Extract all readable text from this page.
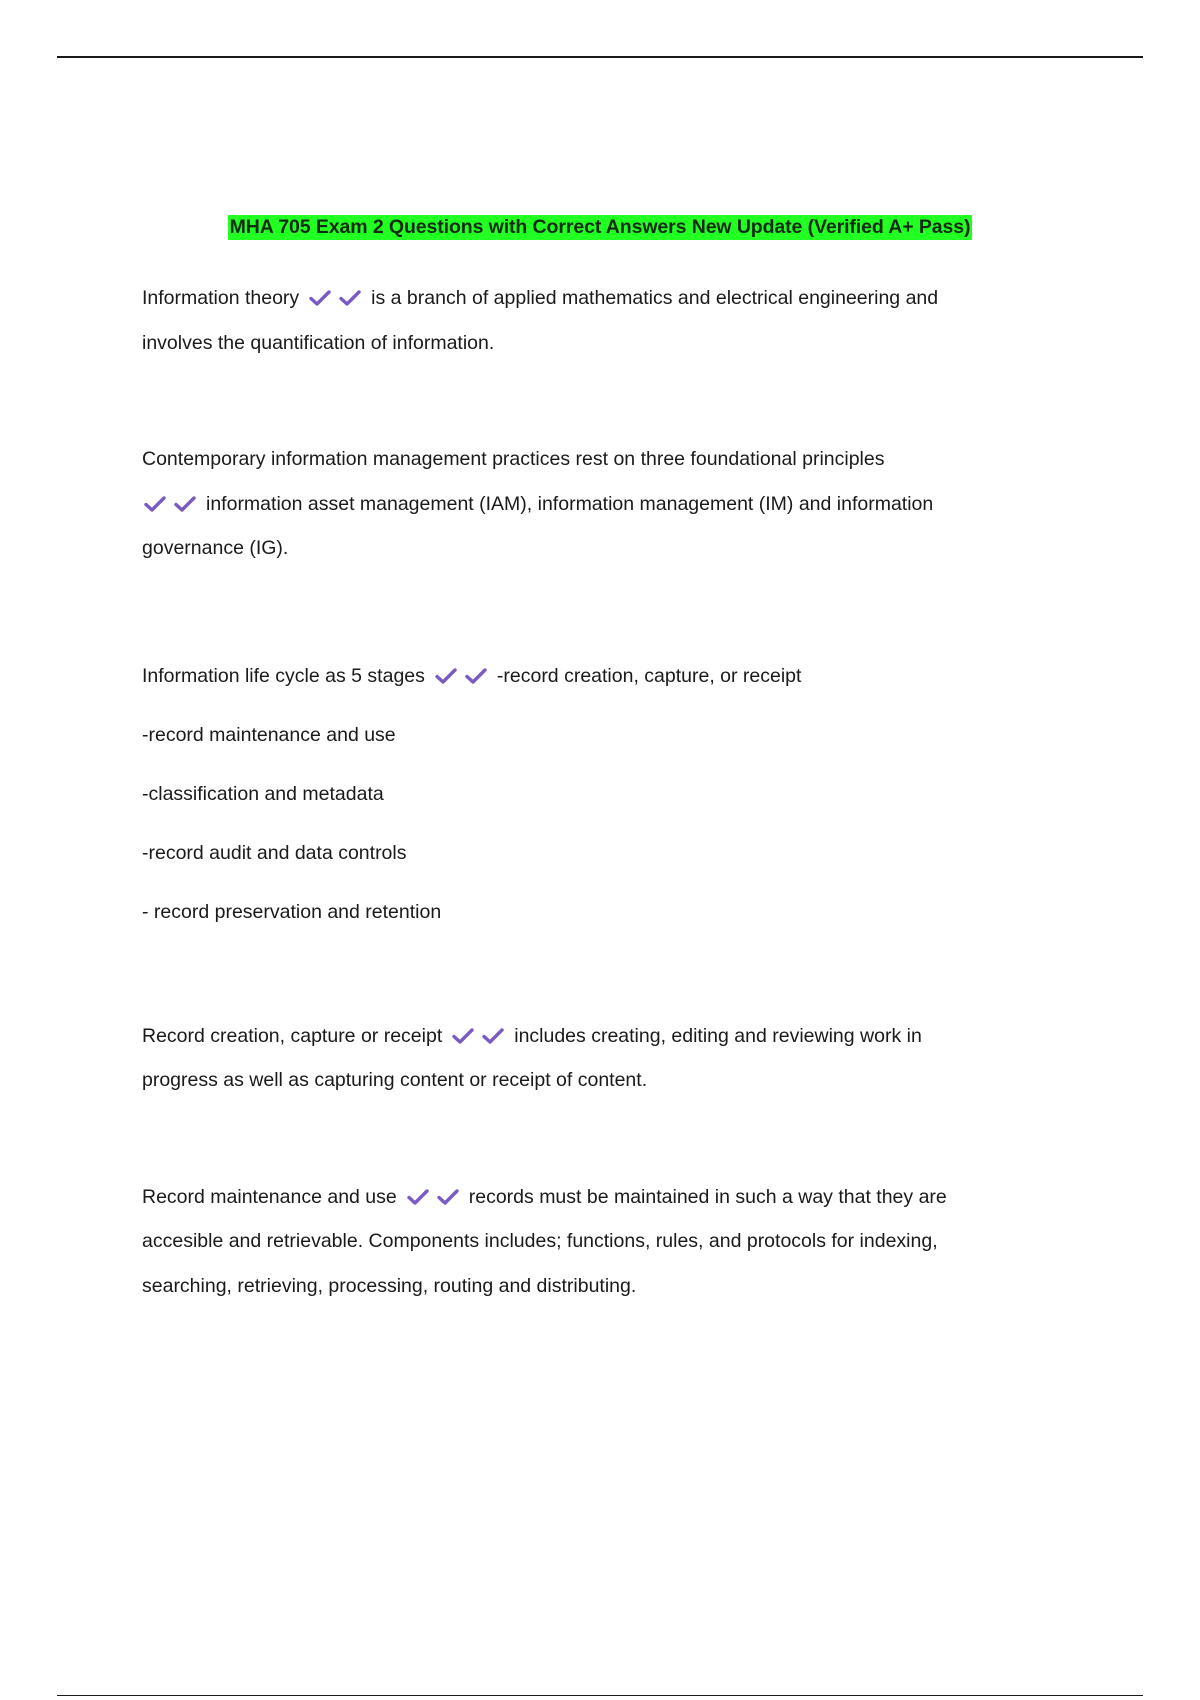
MHA 705 Exam 2 Questions with Correct Answers New Update (Verified A+ Pass)

Information theory	is a branch of applied mathematics and electrical engineering and

involves the quantification of information.

Contemporary information management practices rest on three foundational principles

information asset management (IAM), information management (IM) and information

governance (IG).

Information life cycle as 5 stages	-record creation, capture, or receipt

-record maintenance and use

-classification and metadata

-record audit and data controls

- record preservation and retention

Record creation, capture or receipt	includes creating, editing and reviewing work in

progress as well as capturing content or receipt of content.

Record maintenance and use	records must be maintained in such a way that they are

accesible and retrievable. Components includes; functions, rules, and protocols for indexing,

searching, retrieving, processing, routing and distributing.
